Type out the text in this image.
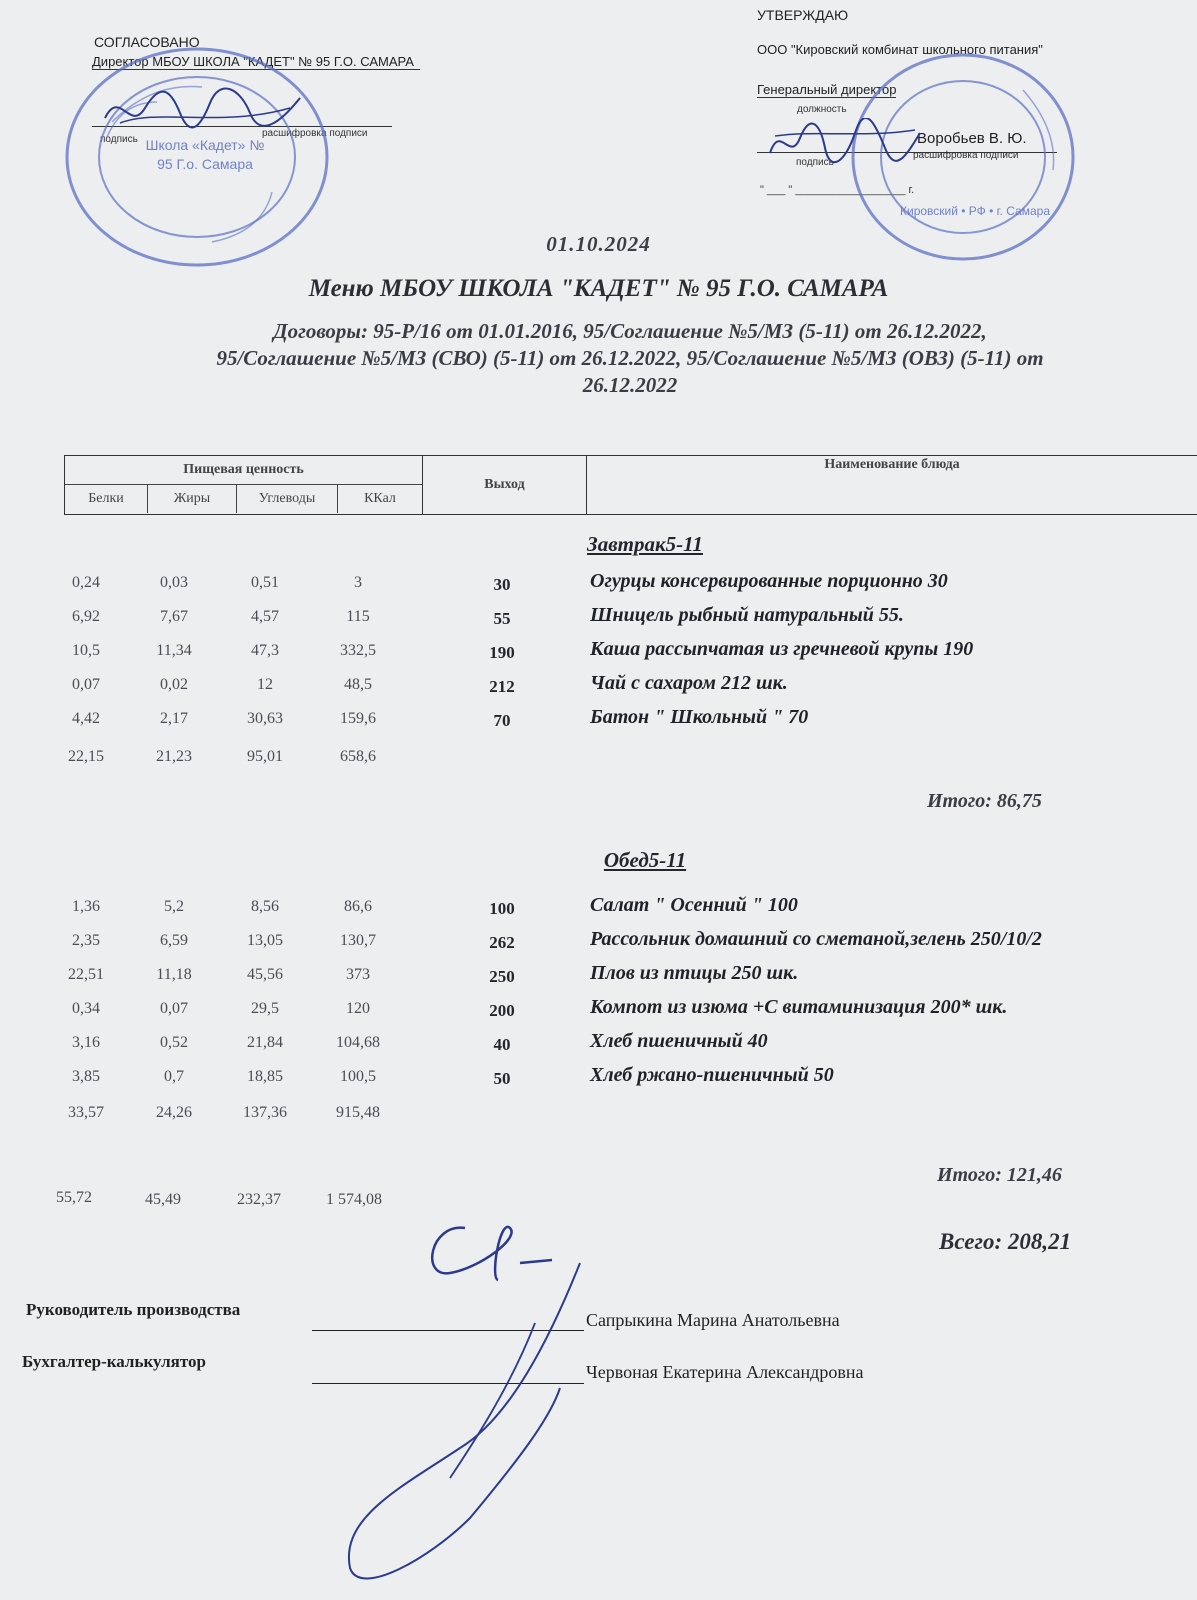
СОГЛАСОВАНО
Директор МБОУ ШКОЛА "КАДЕТ" № 95 Г.О. САМАРА
подпись
расшифровка подписи
Школа «Кадет» № 95 Г.о. Самара
УТВЕРЖДАЮ
ООО "Кировский комбинат школьного питания"
Генеральный директор
должность
Воробьев В. Ю.
подпись
расшифровка подписи
" ___ " __________________ г.
Кировский • РФ • г. Самара
01.10.2024
Меню МБОУ ШКОЛА "КАДЕТ" № 95 Г.О. САМАРА
Договоры: 95-Р/16 от 01.01.2016, 95/Соглашение №5/МЗ (5-11) от 26.12.2022,
95/Соглашение №5/МЗ (СВО) (5-11) от 26.12.2022, 95/Соглашение №5/МЗ (ОВЗ) (5-11) от
26.12.2022
Пищевая ценность
Белки	Жиры	Углеводы	ККал
Выход
Наименование блюда
Завтрак5-11
0,24	0,03	0,51	3	30	Огурцы консервированные порционно 30
6,92	7,67	4,57	115	55	Шницель рыбный натуральный 55.
10,5	11,34	47,3	332,5	190	Каша рассыпчатая из гречневой крупы 190
0,07	0,02	12	48,5	212	Чай с сахаром 212 шк.
4,42	2,17	30,63	159,6	70	Батон " Школьный " 70
22,15	21,23	95,01	658,6
Итого: 86,75
Обед5-11
1,36	5,2	8,56	86,6	100	Салат " Осенний " 100
2,35	6,59	13,05	130,7	262	Рассольник домашний со сметаной,зелень 250/10/2
22,51	11,18	45,56	373	250	Плов из птицы 250 шк.
0,34	0,07	29,5	120	200	Компот из изюма +С витаминизация 200* шк.
3,16	0,52	21,84	104,68	40	Хлеб пшеничный 40
3,85	0,7	18,85	100,5	50	Хлеб ржано-пшеничный 50
33,57	24,26	137,36	915,48
Итого: 121,46
55,72	45,49	232,37	1 574,08
Всего: 208,21
Руководитель производства
Сапрыкина Марина Анатольевна
Бухгалтер-калькулятор
Червоная Екатерина Александровна
